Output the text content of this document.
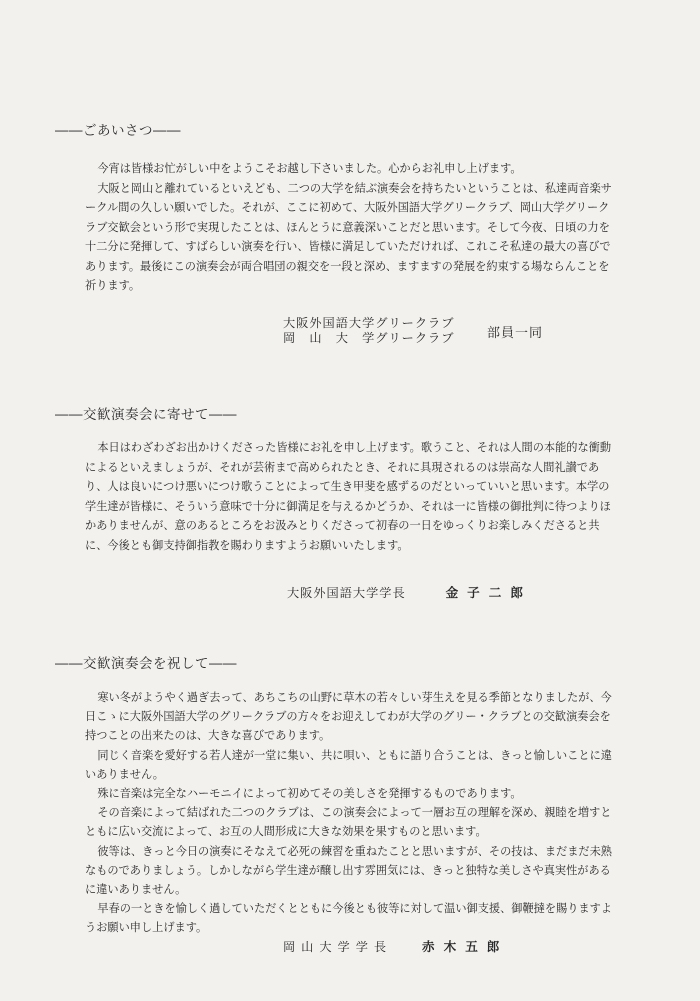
――ごあいさつ――

今宵は皆様お忙がしい中をようこそお越し下さいました。心からお礼申し上げます。

大阪と岡山と離れているといえども、二つの大学を結ぶ演奏会を持ちたいということは、私達両音楽サークル間の久しい願いでした。それが、ここに初めて、大阪外国語大学グリークラブ、岡山大学グリークラブ交歓会という形で実現したことは、ほんとうに意義深いことだと思います。そして今夜、日頃の力を十二分に発揮して、すばらしい演奏を行い、皆様に満足していただければ、これこそ私達の最大の喜びであります。最後にこの演奏会が両合唱団の親交を一段と深め、ますますの発展を約束する場ならんことを祈ります。

大阪外国語大学グリークラブ
岡　山　大　学グリークラブ	部員一同
――交歓演奏会に寄せて――

本日はわざわざお出かけくださった皆様にお礼を申し上げます。歌うこと、それは人間の本能的な衝動によるといえましょうが、それが芸術まで高められたとき、それに具現されるのは崇高な人間礼讃であり、人は良いにつけ悪いにつけ歌うことによって生き甲斐を感ずるのだといっていいと思います。本学の学生達が皆様に、そういう意味で十分に御満足を与えるかどうか、それは一に皆様の御批判に待つよりほかありませんが、意のあるところをお汲みとりくださって初春の一日をゆっくりお楽しみくださると共に、今後とも御支持御指教を賜わりますようお願いいたします。

大阪外国語大学学長	金子二郎
――交歓演奏会を祝して――

寒い冬がようやく過ぎ去って、あちこちの山野に草木の若々しい芽生えを見る季節となりましたが、今日こゝに大阪外国語大学のグリークラブの方々をお迎えしてわが大学のグリー・クラブとの交歓演奏会を持つことの出来たのは、大きな喜びであります。

同じく音楽を愛好する若人達が一堂に集い、共に唄い、ともに語り合うことは、きっと愉しいことに違いありません。

殊に音楽は完全なハーモニイによって初めてその美しさを発揮するものであります。

その音楽によって結ばれた二つのクラブは、この演奏会によって一層お互の理解を深め、親睦を増すとともに広い交流によって、お互の人間形成に大きな効果を果すものと思います。

彼等は、きっと今日の演奏にそなえて必死の練習を重ねたことと思いますが、その技は、まだまだ未熟なものでありましょう。しかしながら学生達が醸し出す雰囲気には、きっと独特な美しさや真実性があるに違いありません。

早春の一ときを愉しく過していただくとともに今後とも彼等に対して温い御支援、御鞭撻を賜りますようお願い申し上げます。

岡山大学学長 赤木五郎
